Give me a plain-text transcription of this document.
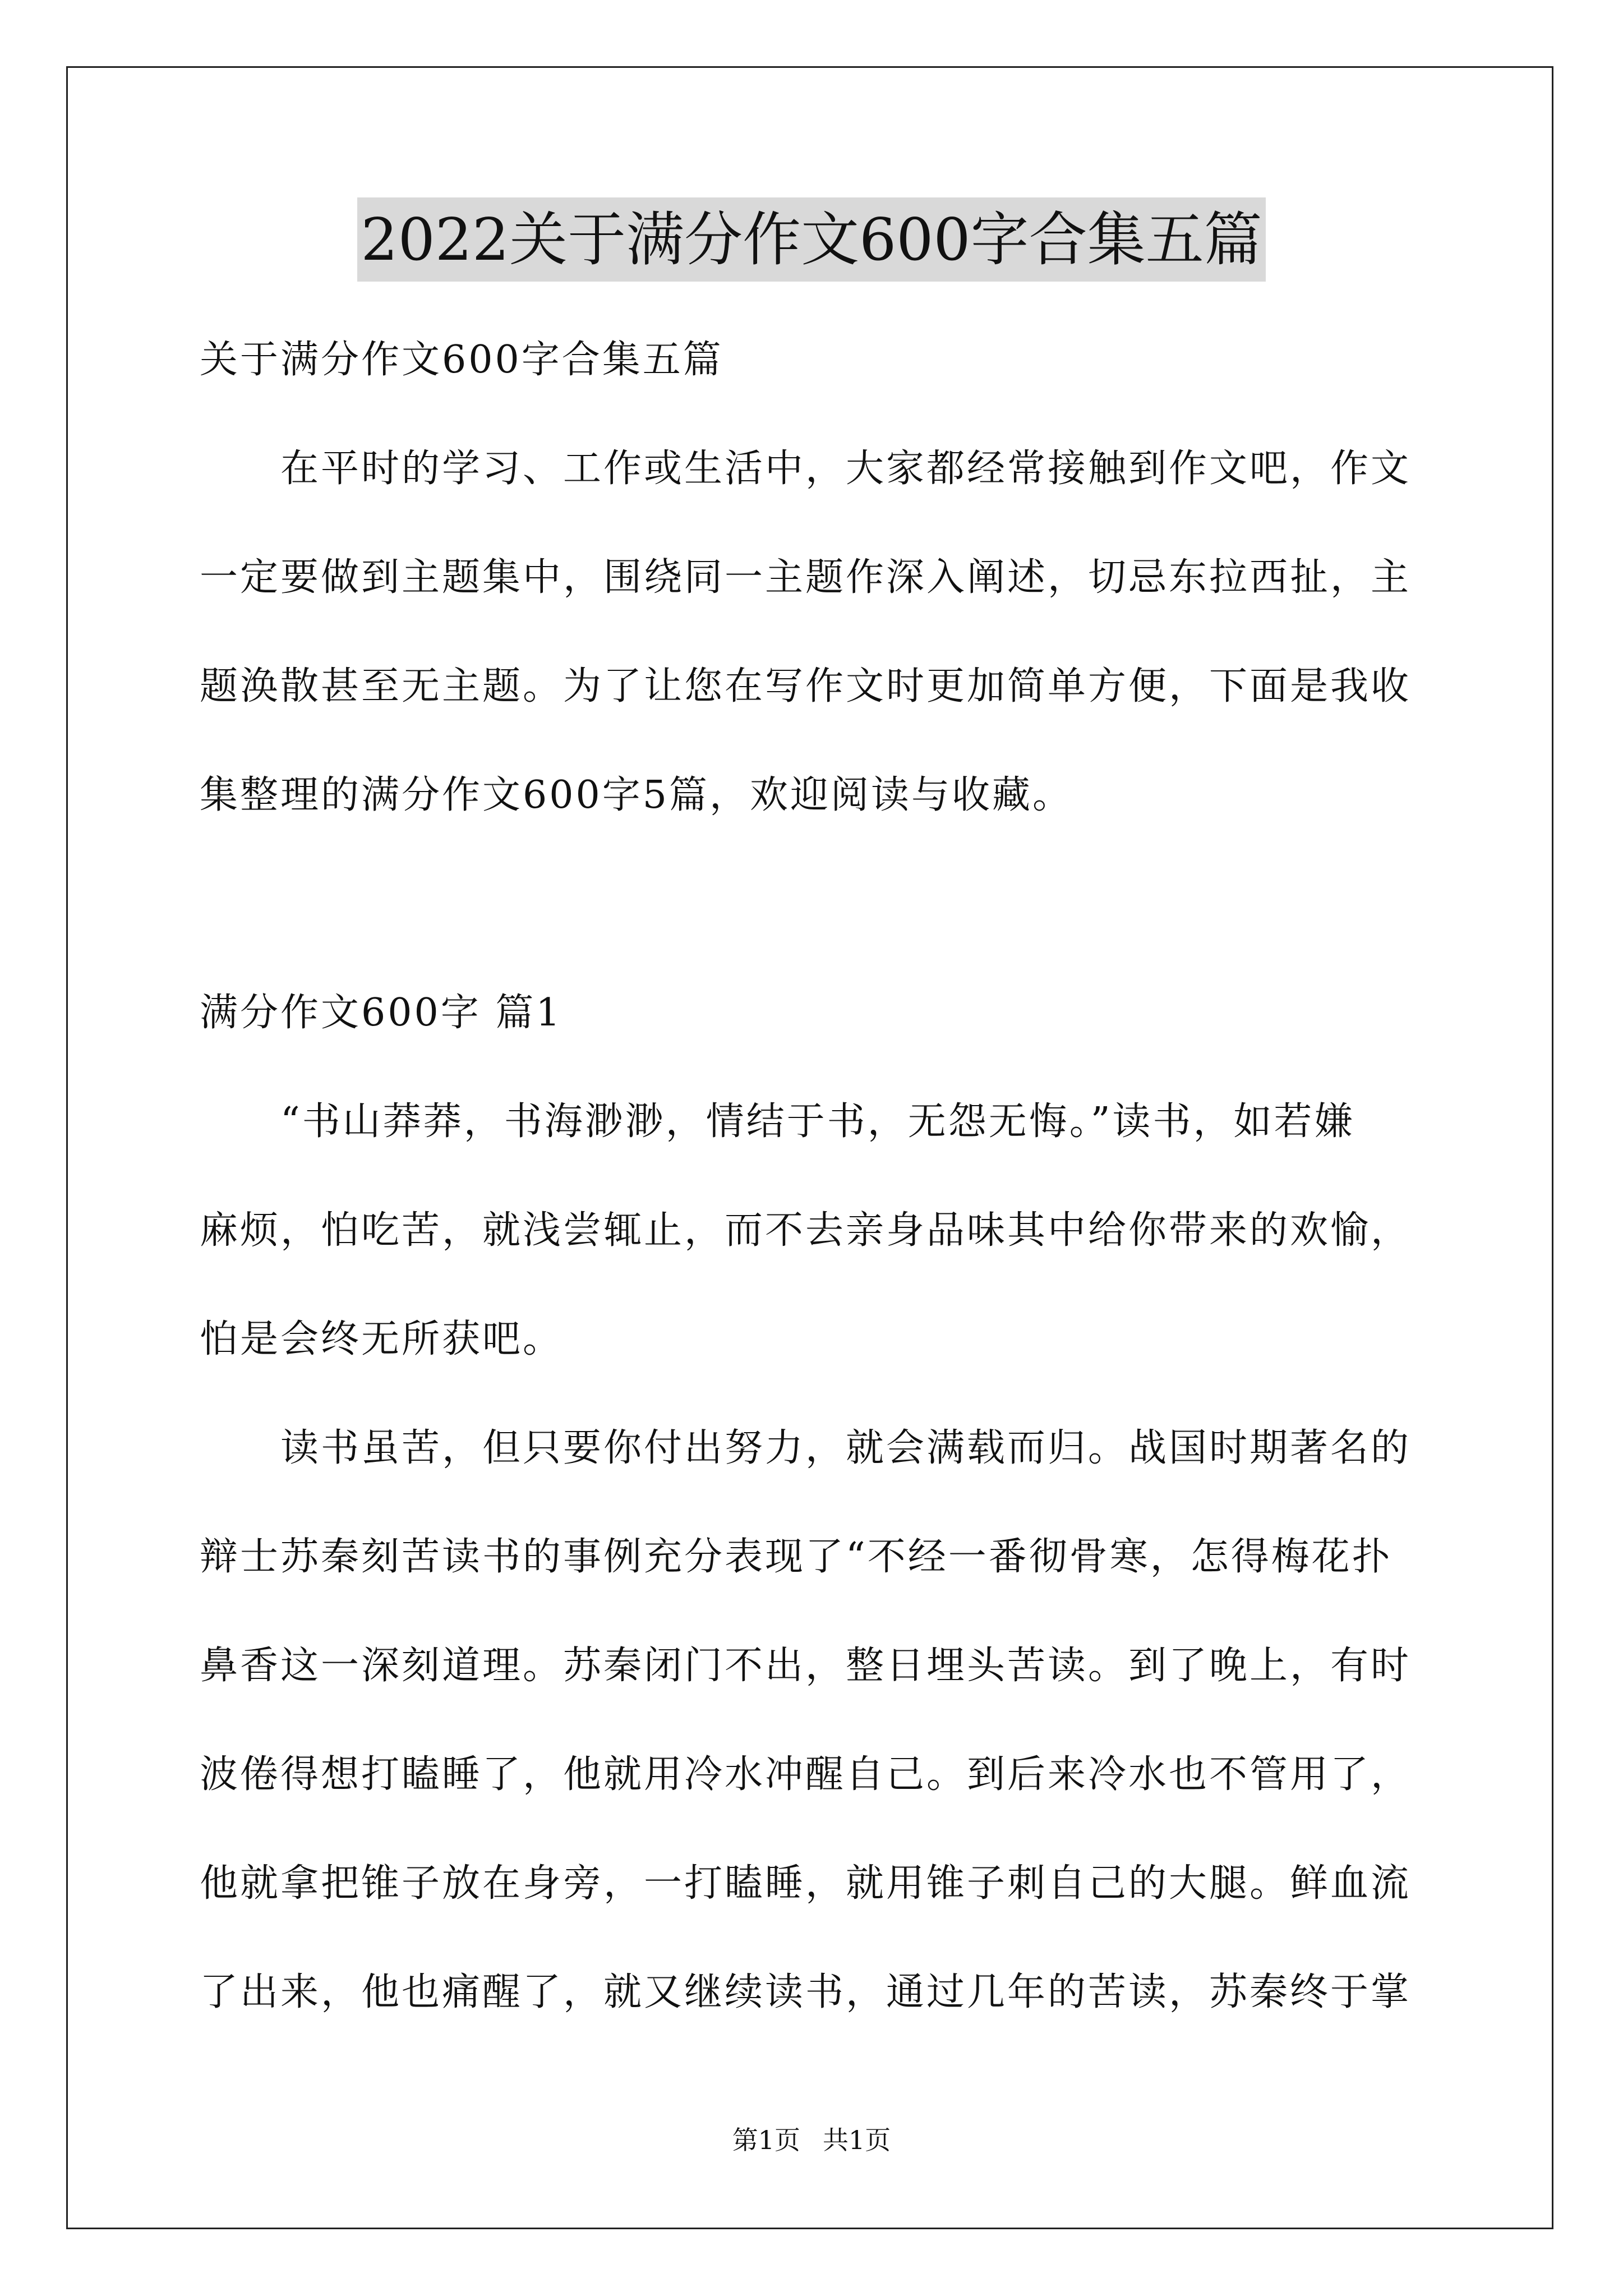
2022关于满分作文600字合集五篇
关于满分作文600字合集五篇
　　在平时的学习、工作或生活中，大家都经常接触到作文吧，作文
一定要做到主题集中，围绕同一主题作深入阐述，切忌东拉西扯，主
题涣散甚至无主题。为了让您在写作文时更加简单方便，下面是我收
集整理的满分作文600字5篇，欢迎阅读与收藏。
满分作文600字 篇1
　　“书山莽莽，书海渺渺，情结于书，无怨无悔。”读书，如若嫌
麻烦，怕吃苦，就浅尝辄止，而不去亲身品味其中给你带来的欢愉，
怕是会终无所获吧。
　　读书虽苦，但只要你付出努力，就会满载而归。战国时期著名的
辩士苏秦刻苦读书的事例充分表现了“不经一番彻骨寒，怎得梅花扑
鼻香这一深刻道理。苏秦闭门不出，整日埋头苦读。到了晚上，有时
波倦得想打瞌睡了，他就用冷水冲醒自己。到后来冷水也不管用了，
他就拿把锥子放在身旁，一打瞌睡，就用锥子刺自己的大腿。鲜血流
了出来，他也痛醒了，就又继续读书，通过几年的苦读，苏秦终于掌
第1页 共1页
